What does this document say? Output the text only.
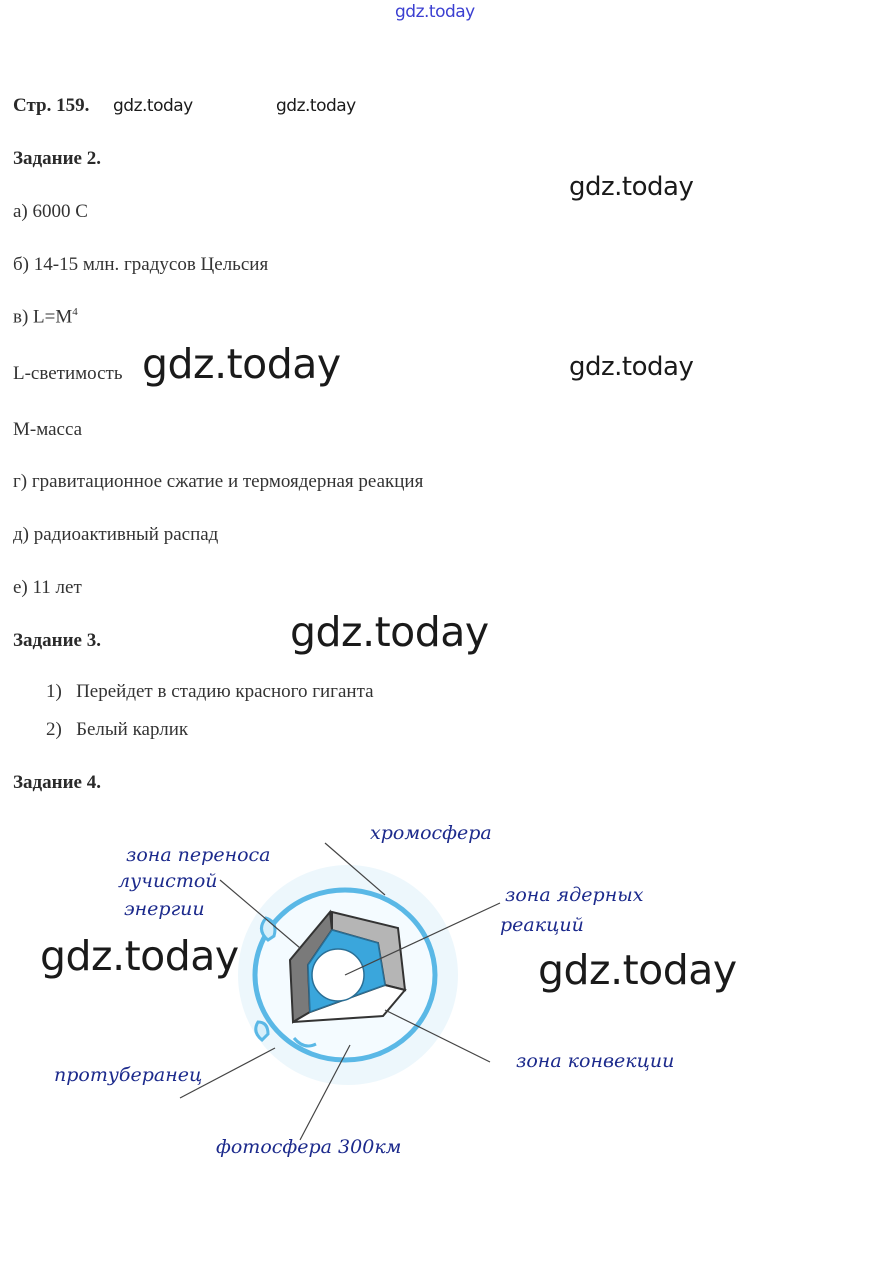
gdz.today
gdz.today	gdz.today
gdz.today
gdz.today	gdz.today
gdz.today
gdz.today	gdz.today
Стр. 159.
Задание 2.
а) 6000 С
б) 14-15 млн. градусов Цельсия
в) $L=M^4$
L-светимость
М-масса
г) гравитационное сжатие и термоядерная реакция
д) радиоактивный распад
е) 11 лет
Задание 3.
1) Перейдет в стадию красного гиганта
2) Белый карлик
Задание 4.
хромосфера
зона переноса
лучистой
энергии
зона ядерных
реакций
протуберанец
зона конвекции
фотосфера 300км
